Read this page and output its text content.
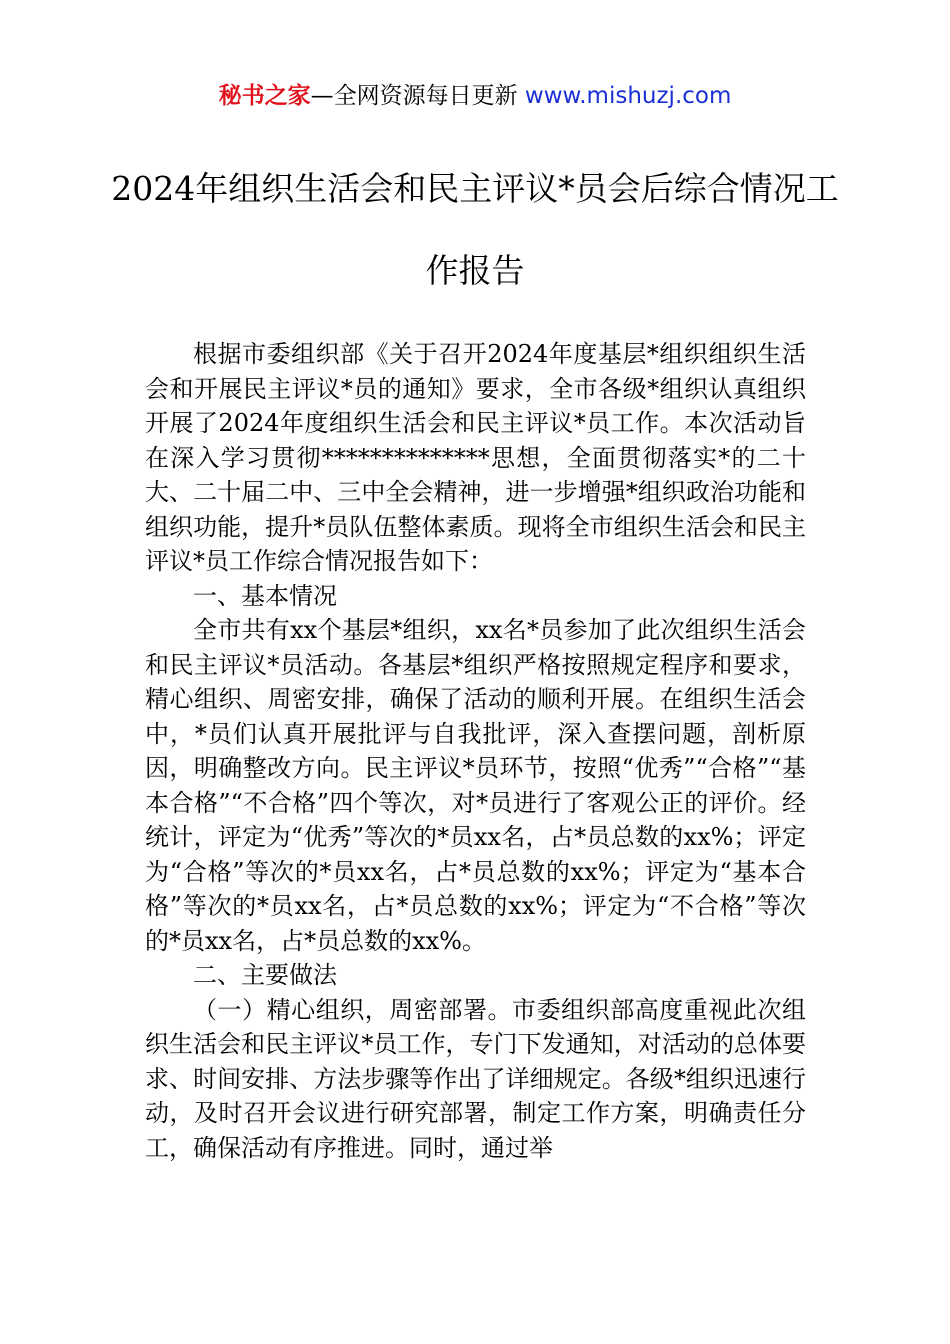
秘书之家—全网资源每日更新 www.mishuzj.com
2024年组织生活会和民主评议*员会后综合情况工作报告

根据市委组织部《关于召开2024年度基层*组织组织生活会和开展民主评议*员的通知》要求，全市各级*组织认真组织开展了2024年度组织生活会和民主评议*员工作。本次活动旨在深入学习贯彻**************思想，全面贯彻落实*的二十大、二十届二中、三中全会精神，进一步增强*组织政治功能和组织功能，提升*员队伍整体素质。现将全市组织生活会和民主评议*员工作综合情况报告如下：

一、基本情况

全市共有xx个基层*组织，xx名*员参加了此次组织生活会和民主评议*员活动。各基层*组织严格按照规定程序和要求，精心组织、周密安排，确保了活动的顺利开展。在组织生活会中，*员们认真开展批评与自我批评，深入查摆问题，剖析原因，明确整改方向。民主评议*员环节，按照“优秀”“合格”“基本合格”“不合格”四个等次，对*员进行了客观公正的评价。经统计，评定为“优秀”等次的*员xx名，占*员总数的xx%；评定为“合格”等次的*员xx名，占*员总数的xx%；评定为“基本合格”等次的*员xx名，占*员总数的xx%；评定为“不合格”等次的*员xx名，占*员总数的xx%。

二、主要做法

（一）精心组织，周密部署。市委组织部高度重视此次组织生活会和民主评议*员工作，专门下发通知，对活动的总体要求、时间安排、方法步骤等作出了详细规定。各级*组织迅速行动，及时召开会议进行研究部署，制定工作方案，明确责任分工，确保活动有序推进。同时，通过举
